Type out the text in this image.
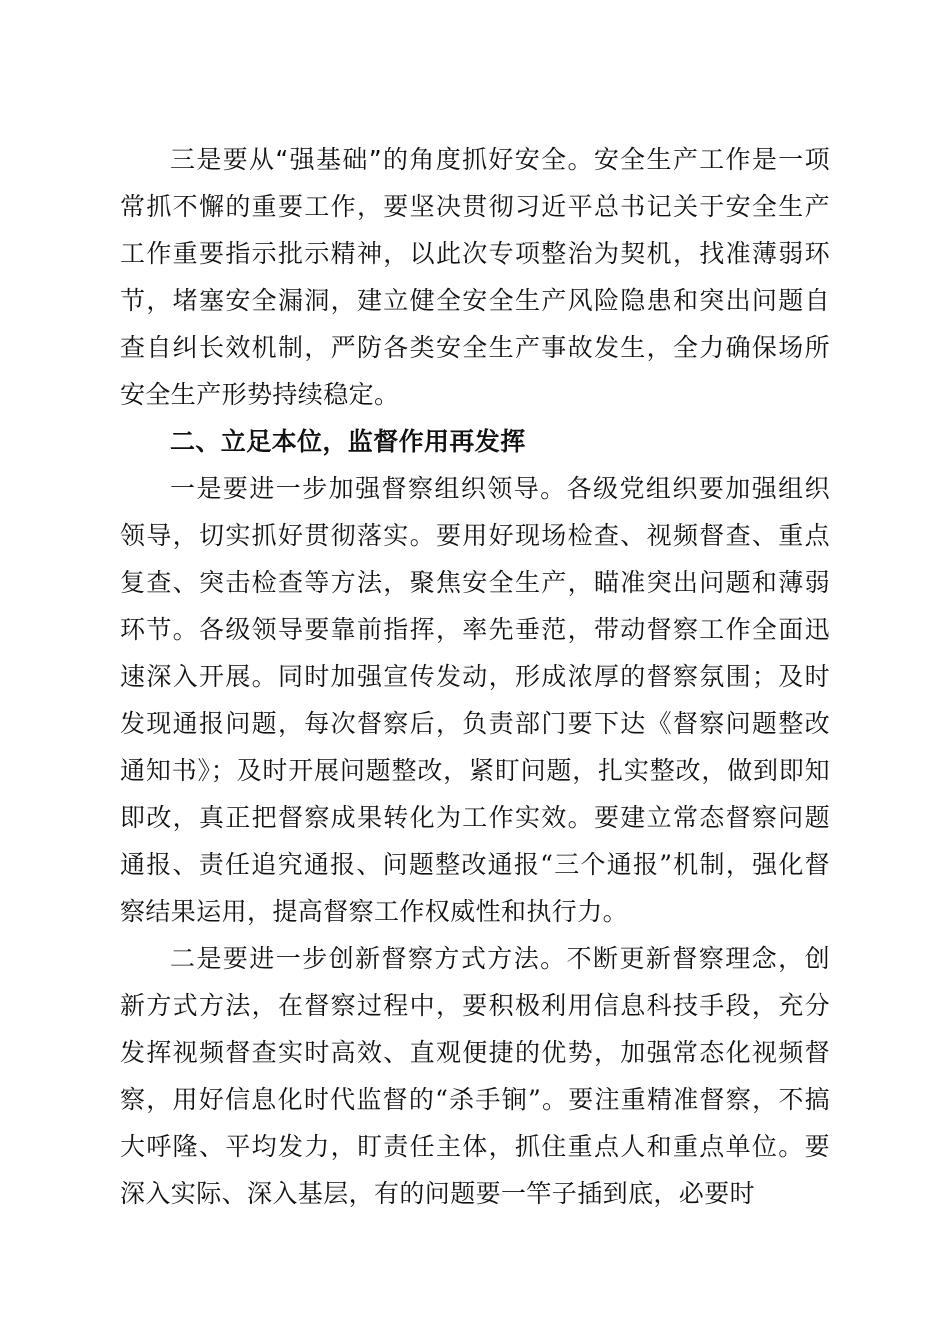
三是要从“强基础”的角度抓好安全。安全生产工作是一项常抓不懈的重要工作，要坚决贯彻习近平总书记关于安全生产工作重要指示批示精神，以此次专项整治为契机，找准薄弱环节，堵塞安全漏洞，建立健全安全生产风险隐患和突出问题自查自纠长效机制，严防各类安全生产事故发生，全力确保场所安全生产形势持续稳定。

二、立足本位，监督作用再发挥

一是要进一步加强督察组织领导。各级党组织要加强组织领导，切实抓好贯彻落实。要用好现场检查、视频督查、重点复查、突击检查等方法，聚焦安全生产，瞄准突出问题和薄弱环节。各级领导要靠前指挥，率先垂范，带动督察工作全面迅速深入开展。同时加强宣传发动，形成浓厚的督察氛围；及时发现通报问题，每次督察后，负责部门要下达《督察问题整改通知书》；及时开展问题整改，紧盯问题，扎实整改，做到即知即改，真正把督察成果转化为工作实效。要建立常态督察问题通报、责任追究通报、问题整改通报“三个通报”机制，强化督察结果运用，提高督察工作权威性和执行力。

二是要进一步创新督察方式方法。不断更新督察理念，创新方式方法，在督察过程中，要积极利用信息科技手段，充分发挥视频督查实时高效、直观便捷的优势，加强常态化视频督察，用好信息化时代监督的“杀手锏”。要注重精准督察，不搞大呼隆、平均发力，盯责任主体，抓住重点人和重点单位。要深入实际、深入基层，有的问题要一竿子插到底，必要时
